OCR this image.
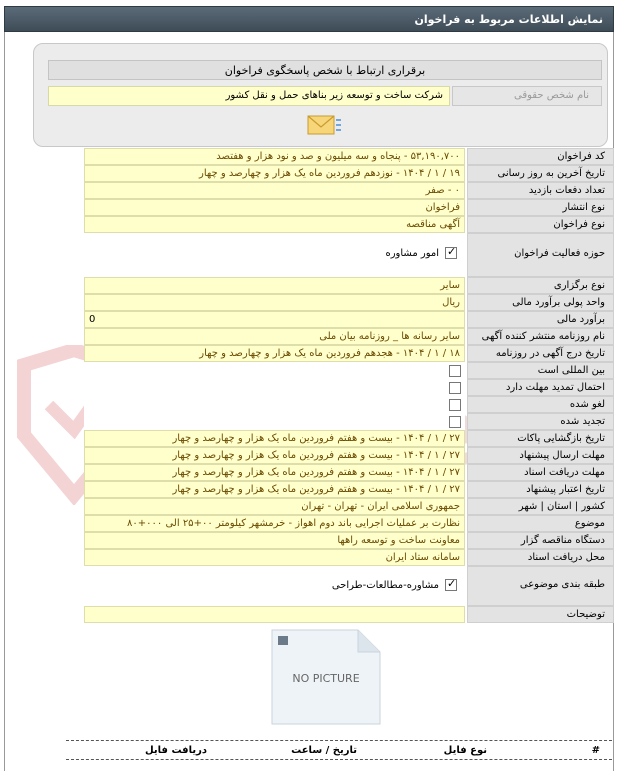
نمایش اطلاعات مربوط به فراخوان
برقراری ارتباط با شخص پاسخگوی فراخوان
نام شخص حقوقی
شرکت ساخت و توسعه زیر بناهای حمل و نقل کشور
کد فراخوان
۵۳,۱۹۰,۷۰۰ - پنجاه و سه میلیون و صد و نود هزار و هفتصد
تاریخ آخرین به روز رسانی
۱۹ / ۱ / ۱۴۰۴ - نوزدهم فروردین ماه یک هزار و چهارصد و چهار
تعداد دفعات بازدید
۰ - صفر
نوع انتشار
فراخوان
نوع فراخوان
آگهی مناقصه
حوزه فعالیت فراخوان
✓امور مشاوره
نوع برگزاری
سایر
واحد پولی برآورد مالی
ریال
برآورد مالی
0
نام روزنامه منتشر کننده آگهی
سایر رسانه ها _ روزنامه بیان ملی
تاریخ درج آگهی در روزنامه
۱۸ / ۱ / ۱۴۰۴ - هجدهم فروردین ماه یک هزار و چهارصد و چهار
بین المللی است
احتمال تمدید مهلت دارد
لغو شده
تجدید شده
تاریخ بازگشایی پاکات
۲۷ / ۱ / ۱۴۰۴ - بیست و هفتم فروردین ماه یک هزار و چهارصد و چهار
مهلت ارسال پیشنهاد
۲۷ / ۱ / ۱۴۰۴ - بیست و هفتم فروردین ماه یک هزار و چهارصد و چهار
مهلت دریافت اسناد
۲۷ / ۱ / ۱۴۰۴ - بیست و هفتم فروردین ماه یک هزار و چهارصد و چهار
تاریخ اعتبار پیشنهاد
۲۷ / ۱ / ۱۴۰۴ - بیست و هفتم فروردین ماه یک هزار و چهارصد و چهار
کشور | استان | شهر
جمهوری اسلامی ایران - تهران - تهران
موضوع
نظارت بر عملیات اجرایی باند دوم اهواز - خرمشهر کیلومتر ۰۰+۲۵ الی ۰۰۰+۸۰
دستگاه مناقصه گزار
معاونت ساخت و توسعه راهها
محل دریافت اسناد
سامانه ستاد ایران
طبقه بندی موضوعی
✓مشاوره-مطالعات-طراحی
توضیحات
NO PICTURE
#
نوع فایل
تاریخ / ساعت
دریافت فایل
